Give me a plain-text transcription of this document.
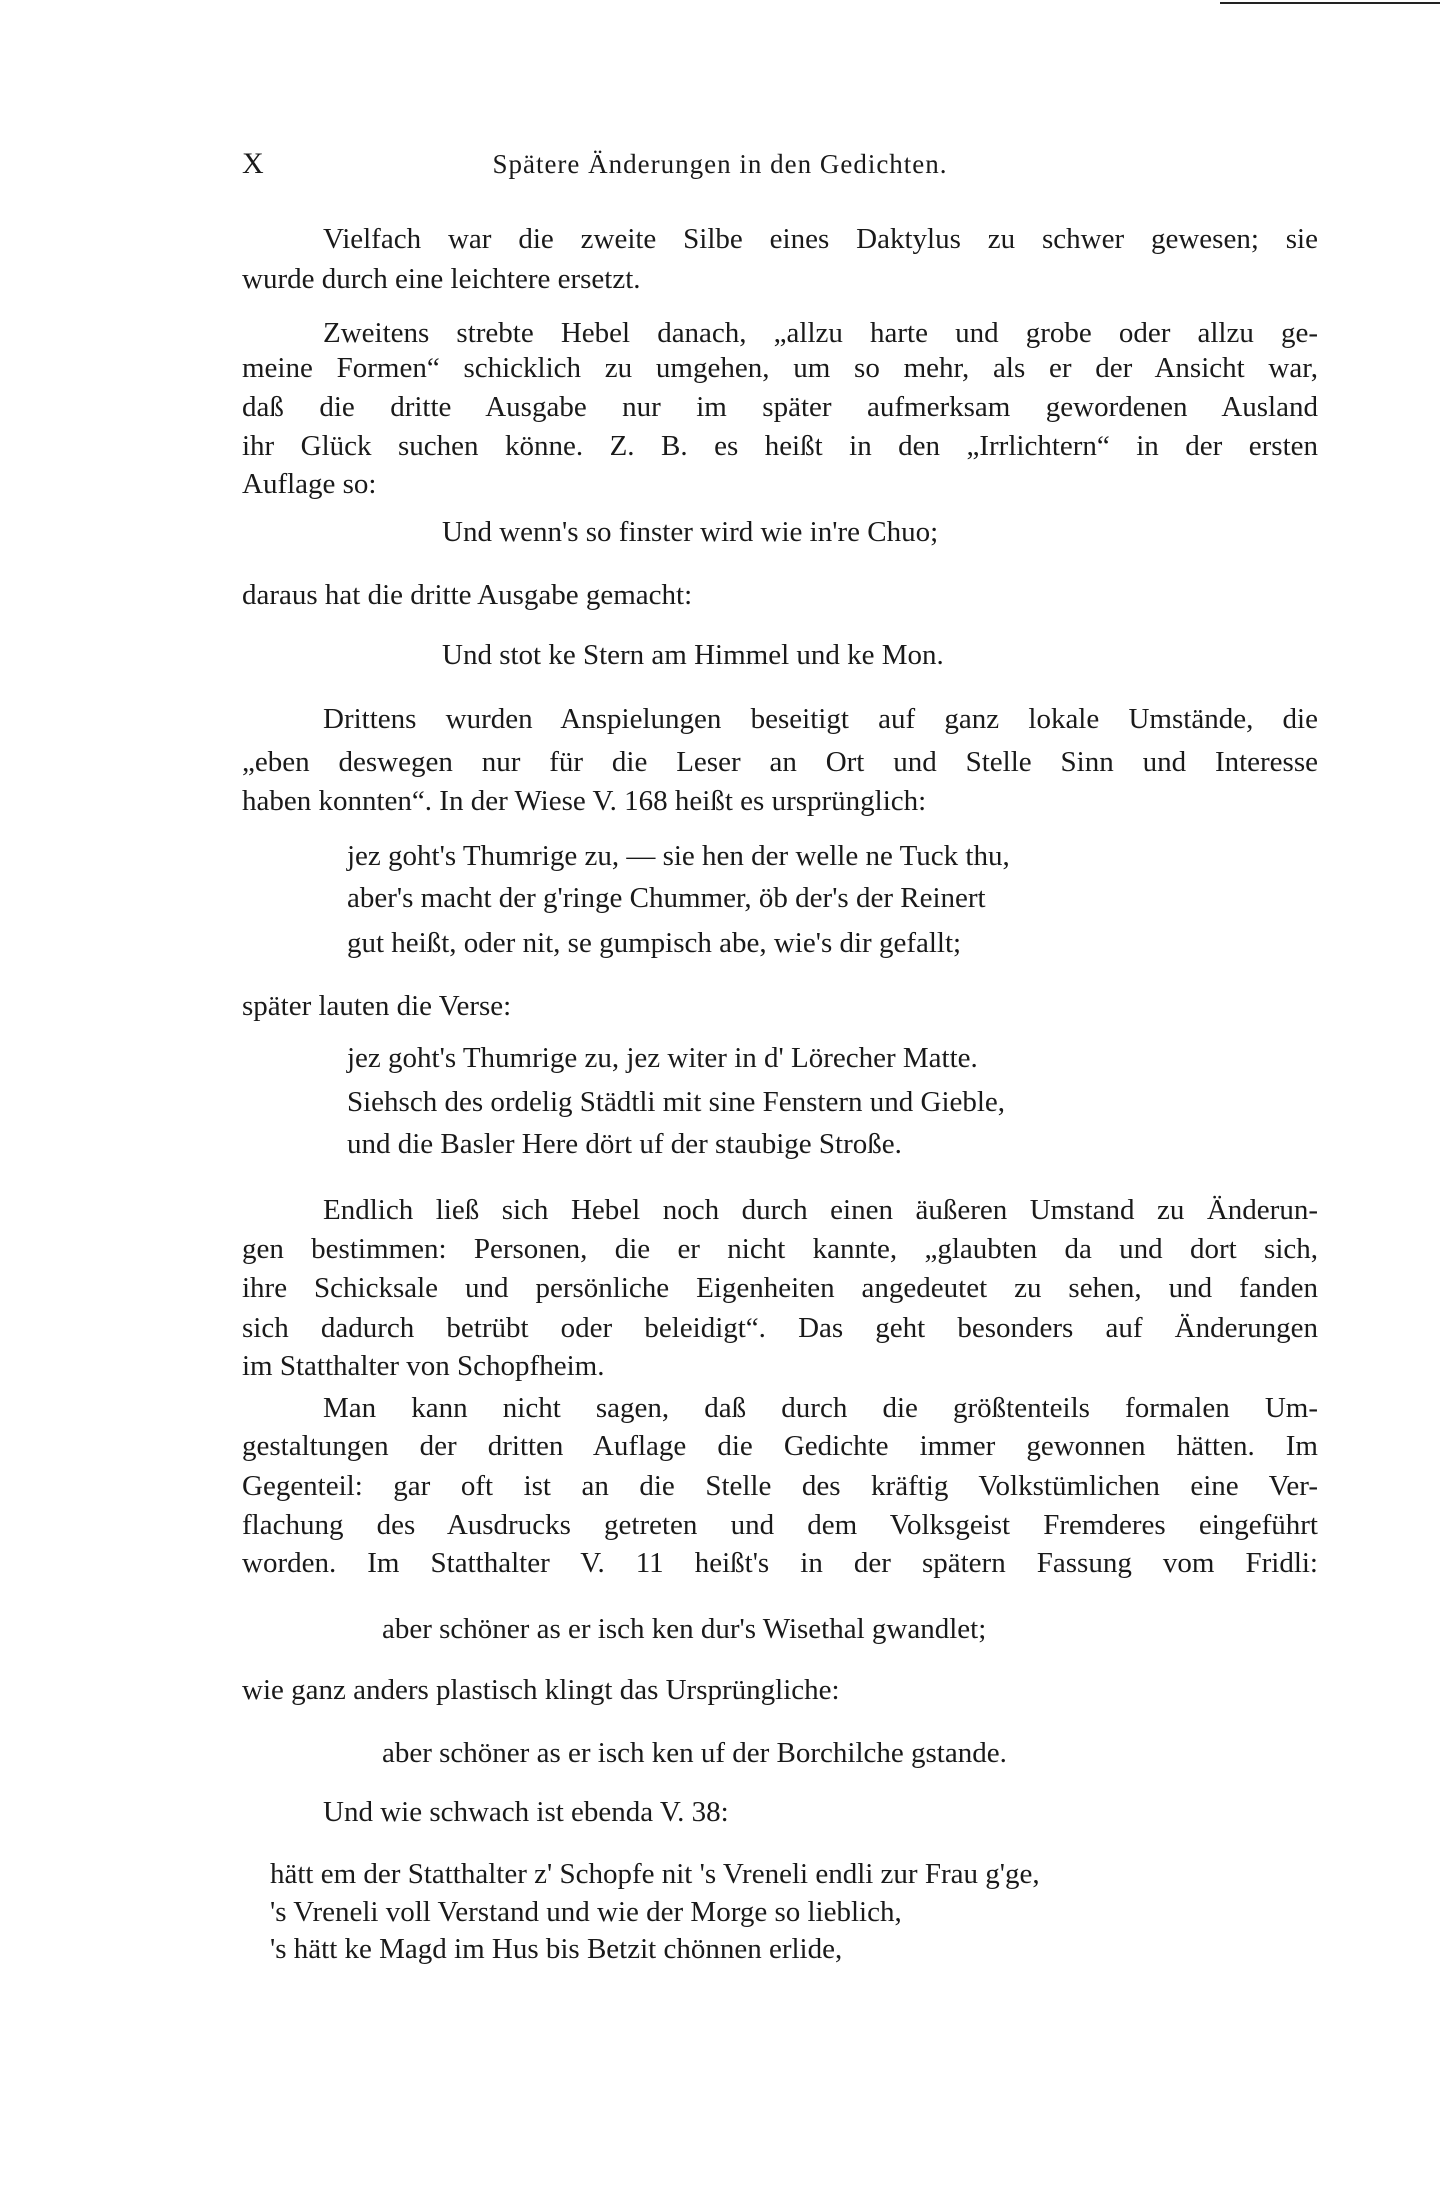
X	Spätere Änderungen in den Gedichten.
Vielfach war die zweite Silbe eines Daktylus zu schwer gewesen; sie
wurde durch eine leichtere ersetzt.
Zweitens strebte Hebel danach, „allzu harte und grobe oder allzu ge-
meine Formen“ schicklich zu umgehen, um so mehr, als er der Ansicht war,
daß die dritte Ausgabe nur im später aufmerksam gewordenen Ausland
ihr Glück suchen könne. Z. B. es heißt in den „Irrlichtern“ in der ersten
Auflage so:
Und wenn's so finster wird wie in're Chuo;
daraus hat die dritte Ausgabe gemacht:
Und stot ke Stern am Himmel und ke Mon.
Drittens wurden Anspielungen beseitigt auf ganz lokale Umstände, die
„eben deswegen nur für die Leser an Ort und Stelle Sinn und Interesse
haben konnten“. In der Wiese V. 168 heißt es ursprünglich:
jez goht's Thumrige zu, — sie hen der welle ne Tuck thu,
aber's macht der g'ringe Chummer, öb der's der Reinert
gut heißt, oder nit, se gumpisch abe, wie's dir gefallt;
später lauten die Verse:
jez goht's Thumrige zu, jez witer in d' Lörecher Matte.
Siehsch des ordelig Städtli mit sine Fenstern und Gieble,
und die Basler Here dört uf der staubige Stroße.
Endlich ließ sich Hebel noch durch einen äußeren Umstand zu Änderun-
gen bestimmen: Personen, die er nicht kannte, „glaubten da und dort sich,
ihre Schicksale und persönliche Eigenheiten angedeutet zu sehen, und fanden
sich dadurch betrübt oder beleidigt“. Das geht besonders auf Änderungen
im Statthalter von Schopfheim.
Man kann nicht sagen, daß durch die größtenteils formalen Um-
gestaltungen der dritten Auflage die Gedichte immer gewonnen hätten. Im
Gegenteil: gar oft ist an die Stelle des kräftig Volkstümlichen eine Ver-
flachung des Ausdrucks getreten und dem Volksgeist Fremderes eingeführt
worden. Im Statthalter V. 11 heißt's in der spätern Fassung vom Fridli:
aber schöner as er isch ken dur's Wisethal gwandlet;
wie ganz anders plastisch klingt das Ursprüngliche:
aber schöner as er isch ken uf der Borchilche gstande.
Und wie schwach ist ebenda V. 38:
hätt em der Statthalter z' Schopfe nit 's Vreneli endli zur Frau g'ge,
's Vreneli voll Verstand und wie der Morge so lieblich,
's hätt ke Magd im Hus bis Betzit chönnen erlide,
